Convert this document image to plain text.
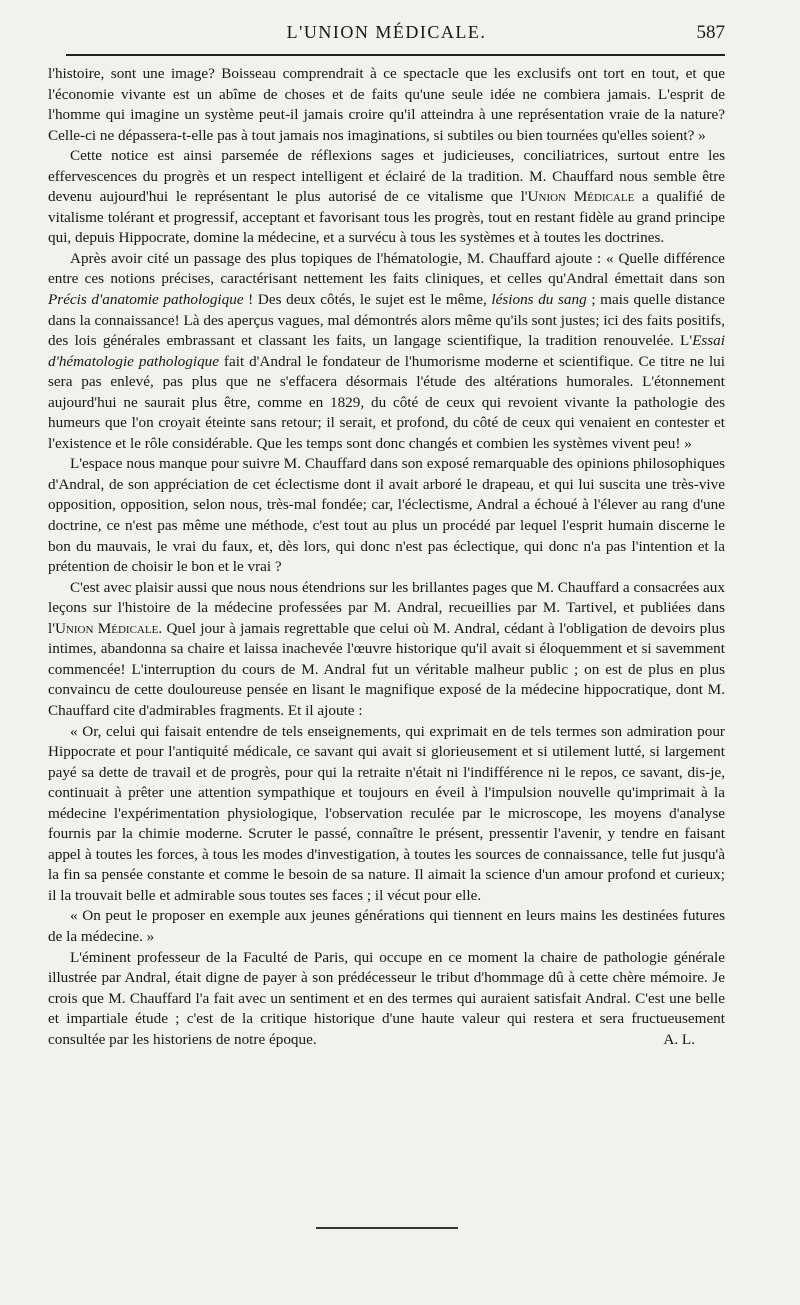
L'UNION MÉDICALE.	587

l'histoire, sont une image? Boisseau comprendrait à ce spectacle que les exclusifs ont tort en tout, et que l'économie vivante est un abîme de choses et de faits qu'une seule idée ne combiera jamais. L'esprit de l'homme qui imagine un système peut-il jamais croire qu'il atteindra à une représentation vraie de la nature? Celle-ci ne dépassera-t-elle pas à tout jamais nos imaginations, si subtiles ou bien tournées qu'elles soient? »

Cette notice est ainsi parsemée de réflexions sages et judicieuses, conciliatrices, surtout entre les effervescences du progrès et un respect intelligent et éclairé de la tradition. M. Chauffard nous semble être devenu aujourd'hui le représentant le plus autorisé de ce vitalisme que l'Union Médicale a qualifié de vitalisme tolérant et progressif, acceptant et favorisant tous les progrès, tout en restant fidèle au grand principe qui, depuis Hippocrate, domine la médecine, et a survécu à tous les systèmes et à toutes les doctrines.

Après avoir cité un passage des plus topiques de l'hématologie, M. Chauffard ajoute : « Quelle différence entre ces notions précises, caractérisant nettement les faits cliniques, et celles qu'Andral émettait dans son Précis d'anatomie pathologique ! Des deux côtés, le sujet est le même, lésions du sang ; mais quelle distance dans la connaissance! Là des aperçus vagues, mal démontrés alors même qu'ils sont justes; ici des faits positifs, des lois générales embrassant et classant les faits, un langage scientifique, la tradition renouvelée. L'Essai d'hématologie pathologique fait d'Andral le fondateur de l'humorisme moderne et scientifique. Ce titre ne lui sera pas enlevé, pas plus que ne s'effacera désormais l'étude des altérations humorales. L'étonnement aujourd'hui ne saurait plus être, comme en 1829, du côté de ceux qui revoient vivante la pathologie des humeurs que l'on croyait éteinte sans retour; il serait, et profond, du côté de ceux qui venaient en contester et l'existence et le rôle considérable. Que les temps sont donc changés et combien les systèmes vivent peu! »

L'espace nous manque pour suivre M. Chauffard dans son exposé remarquable des opinions philosophiques d'Andral, de son appréciation de cet éclectisme dont il avait arboré le drapeau, et qui lui suscita une très-vive opposition, opposition, selon nous, très-mal fondée; car, l'éclectisme, Andral a échoué à l'élever au rang d'une doctrine, ce n'est pas même une méthode, c'est tout au plus un procédé par lequel l'esprit humain discerne le bon du mauvais, le vrai du faux, et, dès lors, qui donc n'est pas éclectique, qui donc n'a pas l'intention et la prétention de choisir le bon et le vrai ?

C'est avec plaisir aussi que nous nous étendrions sur les brillantes pages que M. Chauffard a consacrées aux leçons sur l'histoire de la médecine professées par M. Andral, recueillies par M. Tartivel, et publiées dans l'Union Médicale. Quel jour à jamais regrettable que celui où M. Andral, cédant à l'obligation de devoirs plus intimes, abandonna sa chaire et laissa inachevée l'œuvre historique qu'il avait si éloquemment et si savemment commencée! L'interruption du cours de M. Andral fut un véritable malheur public ; on est de plus en plus convaincu de cette douloureuse pensée en lisant le magnifique exposé de la médecine hippocratique, dont M. Chauffard cite d'admirables fragments. Et il ajoute :

« Or, celui qui faisait entendre de tels enseignements, qui exprimait en de tels termes son admiration pour Hippocrate et pour l'antiquité médicale, ce savant qui avait si glorieusement et si utilement lutté, si largement payé sa dette de travail et de progrès, pour qui la retraite n'était ni l'indifférence ni le repos, ce savant, dis-je, continuait à prêter une attention sympathique et toujours en éveil à l'impulsion nouvelle qu'imprimait à la médecine l'expérimentation physiologique, l'observation reculée par le microscope, les moyens d'analyse fournis par la chimie moderne. Scruter le passé, connaître le présent, pressentir l'avenir, y tendre en faisant appel à toutes les forces, à tous les modes d'investigation, à toutes les sources de connaissance, telle fut jusqu'à la fin sa pensée constante et comme le besoin de sa nature. Il aimait la science d'un amour profond et curieux; il la trouvait belle et admirable sous toutes ses faces ; il vécut pour elle.

« On peut le proposer en exemple aux jeunes générations qui tiennent en leurs mains les destinées futures de la médecine. »

L'éminent professeur de la Faculté de Paris, qui occupe en ce moment la chaire de pathologie générale illustrée par Andral, était digne de payer à son prédécesseur le tribut d'hommage dû à cette chère mémoire. Je crois que M. Chauffard l'a fait avec un sentiment et en des termes qui auraient satisfait Andral. C'est une belle et impartiale étude ; c'est de la critique historique d'une haute valeur qui restera et sera fructueusement consultée par les historiens de notre époque.	A. L.
